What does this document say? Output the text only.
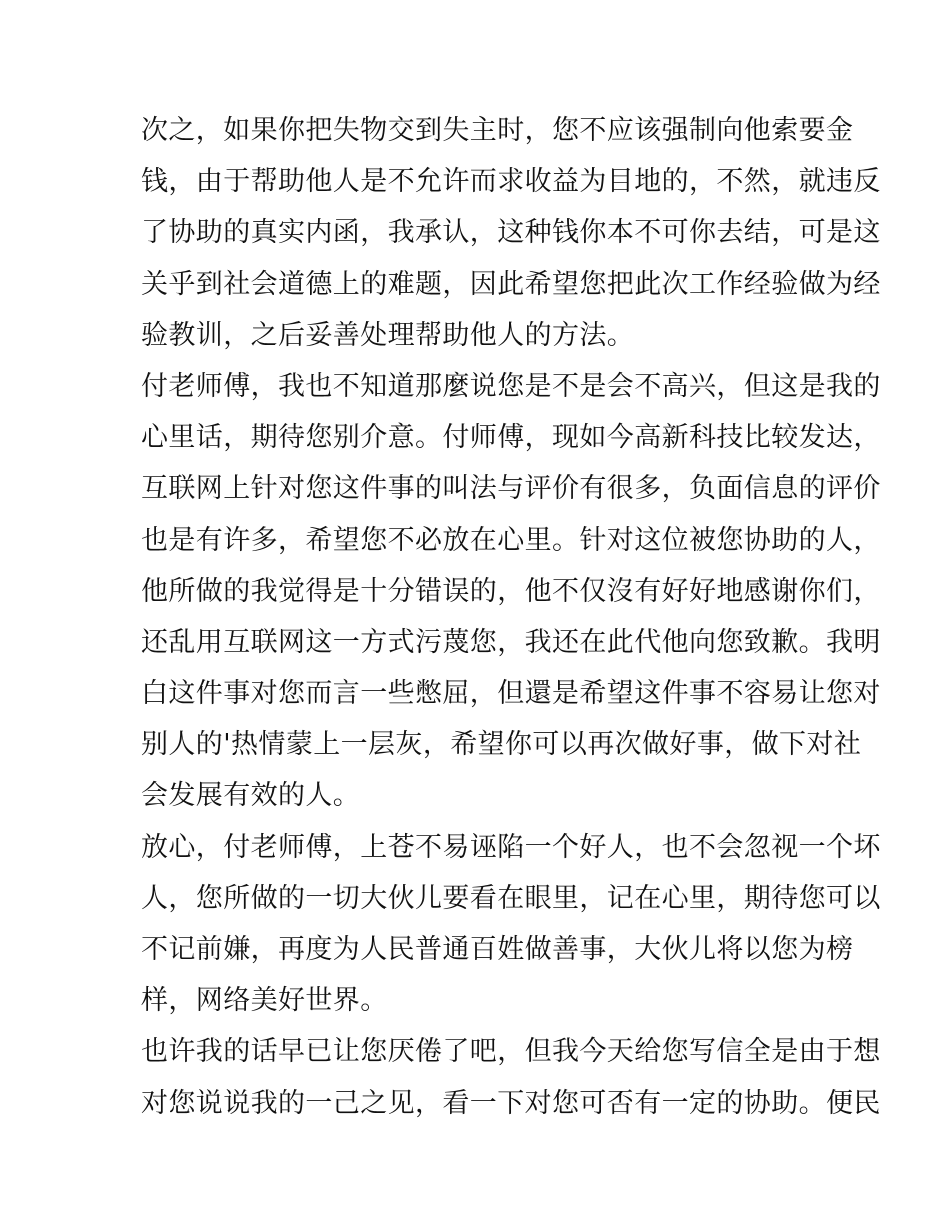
次之，如果你把失物交到失主时，您不应该强制向他索要金
钱，由于帮助他人是不允许而求收益为目地的，不然，就违反
了协助的真实内函，我承认，这种钱你本不可你去结，可是这
关乎到社会道德上的难题，因此希望您把此次工作经验做为经
验教训，之后妥善处理帮助他人的方法。
付老师傅，我也不知道那麼说您是不是会不高兴，但这是我的
心里话，期待您别介意。付师傅，现如今高新科技比较发达，
互联网上针对您这件事的叫法与评价有很多，负面信息的评价
也是有许多，希望您不必放在心里。针对这位被您协助的人，
他所做的我觉得是十分错误的，他不仅沒有好好地感谢你们，
还乱用互联网这一方式污蔑您，我还在此代他向您致歉。我明
白这件事对您而言一些憋屈，但還是希望这件事不容易让您对
别人的'热情蒙上一层灰，希望你可以再次做好事，做下对社
会发展有效的人。
放心，付老师傅，上苍不易诬陷一个好人，也不会忽视一个坏
人，您所做的一切大伙儿要看在眼里，记在心里，期待您可以
不记前嫌，再度为人民普通百姓做善事，大伙儿将以您为榜
样，网络美好世界。
也许我的话早已让您厌倦了吧，但我今天给您写信全是由于想
对您说说我的一己之见，看一下对您可否有一定的协助。便民
